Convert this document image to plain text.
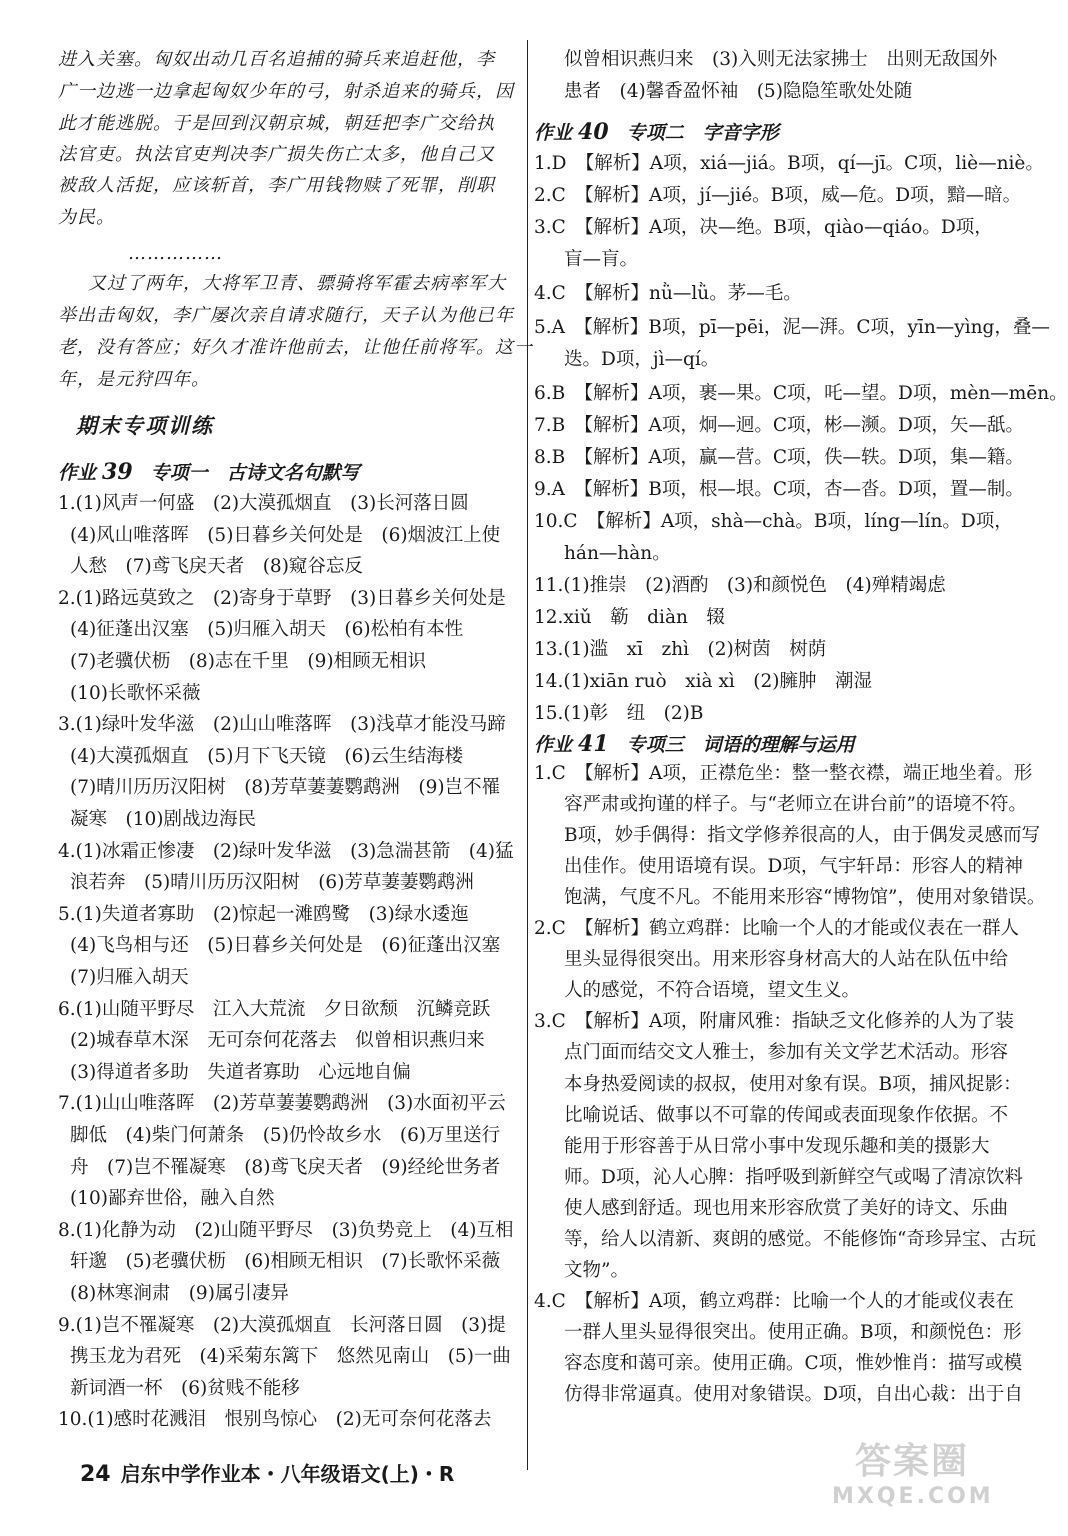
进入关塞。匈奴出动几百名追捕的骑兵来追赶他，李
广一边逃一边拿起匈奴少年的弓，射杀追来的骑兵，因
此才能逃脱。于是回到汉朝京城，朝廷把李广交给执
法官吏。执法官吏判决李广损失伤亡太多，他自己又
被敌人活捉，应该斩首，李广用钱物赎了死罪，削职
为民。
……………
又过了两年，大将军卫青、骠骑将军霍去病率军大
举出击匈奴，李广屡次亲自请求随行，天子认为他已年
老，没有答应；好久才准许他前去，让他任前将军。这一
年，是元狩四年。
期末专项训练
作业 39 专项一　古诗文名句默写
1.(1)风声一何盛　(2)大漠孤烟直　(3)长河落日圆
(4)风山唯落晖　(5)日暮乡关何处是　(6)烟波江上使
人愁　(7)鸢飞戾天者　(8)窥谷忘反
2.(1)路远莫致之　(2)寄身于草野　(3)日暮乡关何处是
(4)征蓬出汉塞　(5)归雁入胡天　(6)松柏有本性
(7)老骥伏枥　(8)志在千里　(9)相顾无相识
(10)长歌怀采薇
3.(1)绿叶发华滋　(2)山山唯落晖　(3)浅草才能没马蹄
(4)大漠孤烟直　(5)月下飞天镜　(6)云生结海楼
(7)晴川历历汉阳树　(8)芳草萋萋鹦鹉洲　(9)岂不罹
凝寒　(10)剧战边海民
4.(1)冰霜正惨凄　(2)绿叶发华滋　(3)急湍甚箭　(4)猛
浪若奔　(5)晴川历历汉阳树　(6)芳草萋萋鹦鹉洲
5.(1)失道者寡助　(2)惊起一滩鸥鹭　(3)绿水逶迤
(4)飞鸟相与还　(5)日暮乡关何处是　(6)征蓬出汉塞
(7)归雁入胡天
6.(1)山随平野尽　江入大荒流　夕日欲颓　沉鳞竞跃
(2)城春草木深　无可奈何花落去　似曾相识燕归来
(3)得道者多助　失道者寡助　心远地自偏
7.(1)山山唯落晖　(2)芳草萋萋鹦鹉洲　(3)水面初平云
脚低　(4)柴门何萧条　(5)仍怜故乡水　(6)万里送行
舟　(7)岂不罹凝寒　(8)鸢飞戾天者　(9)经纶世务者
(10)鄙弃世俗，融入自然
8.(1)化静为动　(2)山随平野尽　(3)负势竞上　(4)互相
轩邈　(5)老骥伏枥　(6)相顾无相识　(7)长歌怀采薇
(8)林寒涧肃　(9)属引凄异
9.(1)岂不罹凝寒　(2)大漠孤烟直　长河落日圆　(3)提
携玉龙为君死　(4)采菊东篱下　悠然见南山　(5)一曲
新词酒一杯　(6)贫贱不能移
10.(1)感时花溅泪　恨别鸟惊心　(2)无可奈何花落去
似曾相识燕归来　(3)入则无法家拂士　出则无敌国外
患者　(4)馨香盈怀袖　(5)隐隐笙歌处处随
作业 40 专项二　字音字形
1.D　【解析】A项，xiá—jiá。B项，qí—jī。C项，liè—niè。
2.C　【解析】A项，jí—jié。B项，威—危。D项，黯—暗。
3.C　【解析】A项，决—绝。B项，qiào—qiáo。D项，
盲—肓。
4.C　【解析】nǜ—lǜ。茅—毛。
5.A　【解析】B项，pī—pēi，泥—湃。C项，yīn—yìng，叠—
迭。D项，jì—qí。
6.B　【解析】A项，裹—果。C项，吒—望。D项，mèn—mēn。
7.B　【解析】A项，炯—迥。C项，彬—濒。D项，矢—舐。
8.B　【解析】A项，赢—营。C项，佚—轶。D项，集—籍。
9.A　【解析】B项，根—垠。C项，杏—沓。D项，置—制。
10.C　【解析】A项，shà—chà。B项，líng—lín。D项，
hán—hàn。
11.(1)推崇　(2)酒酌　(3)和颜悦色　(4)殚精竭虑
12.xiǔ　簕　diàn　辍
13.(1)滥　xī　zhì　(2)树茵　树荫
14.(1)xiān ruò　xià xì　(2)臃肿　潮湿
15.(1)彰　纽　(2)B
作业 41 专项三　词语的理解与运用
1.C　【解析】A项，正襟危坐：整一整衣襟，端正地坐着。形
容严肃或拘谨的样子。与“老师立在讲台前”的语境不符。
B项，妙手偶得：指文学修养很高的人，由于偶发灵感而写
出佳作。使用语境有误。D项，气宇轩昂：形容人的精神
饱满，气度不凡。不能用来形容“博物馆”，使用对象错误。
2.C　【解析】鹤立鸡群：比喻一个人的才能或仪表在一群人
里头显得很突出。用来形容身材高大的人站在队伍中给
人的感觉，不符合语境，望文生义。
3.C　【解析】A项，附庸风雅：指缺乏文化修养的人为了装
点门面而结交文人雅士，参加有关文学艺术活动。形容
本身热爱阅读的叔叔，使用对象有误。B项，捕风捉影：
比喻说话、做事以不可靠的传闻或表面现象作依据。不
能用于形容善于从日常小事中发现乐趣和美的摄影大
师。D项，沁人心脾：指呼吸到新鲜空气或喝了清凉饮料
使人感到舒适。现也用来形容欣赏了美好的诗文、乐曲
等，给人以清新、爽朗的感觉。不能修饰“奇珍异宝、古玩
文物”。
4.C　【解析】A项，鹤立鸡群：比喻一个人的才能或仪表在
一群人里头显得很突出。使用正确。B项，和颜悦色：形
容态度和蔼可亲。使用正确。C项，惟妙惟肖：描写或模
仿得非常逼真。使用对象错误。D项，自出心裁：出于自
24 启东中学作业本・八年级语文(上)・R	答案圈
MXQE.COM
